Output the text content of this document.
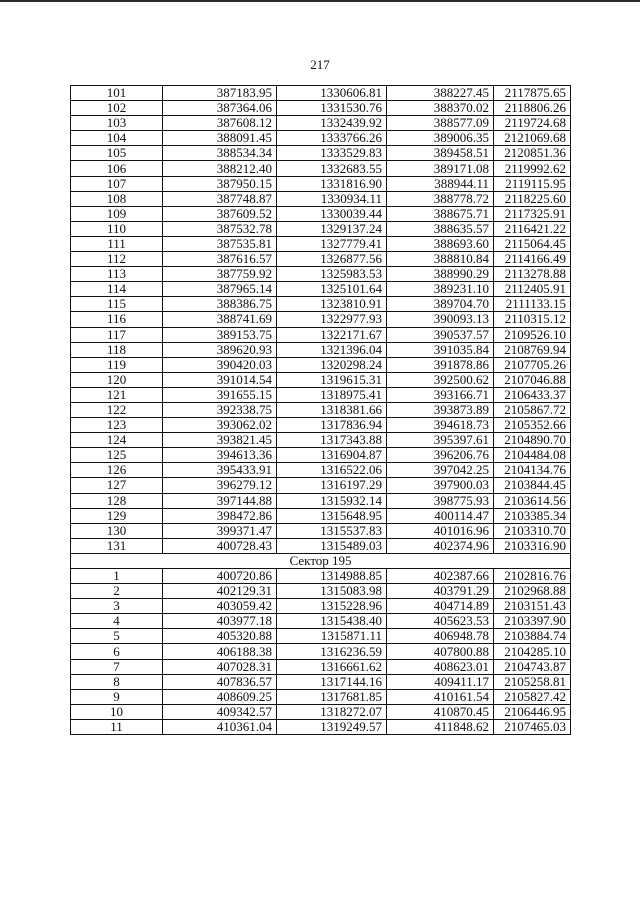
217
101	387183.95	1330606.81	388227.45	2117875.65
102	387364.06	1331530.76	388370.02	2118806.26
103	387608.12	1332439.92	388577.09	2119724.68
104	388091.45	1333766.26	389006.35	2121069.68
105	388534.34	1333529.83	389458.51	2120851.36
106	388212.40	1332683.55	389171.08	2119992.62
107	387950.15	1331816.90	388944.11	2119115.95
108	387748.87	1330934.11	388778.72	2118225.60
109	387609.52	1330039.44	388675.71	2117325.91
110	387532.78	1329137.24	388635.57	2116421.22
111	387535.81	1327779.41	388693.60	2115064.45
112	387616.57	1326877.56	388810.84	2114166.49
113	387759.92	1325983.53	388990.29	2113278.88
114	387965.14	1325101.64	389231.10	2112405.91
115	388386.75	1323810.91	389704.70	2111133.15
116	388741.69	1322977.93	390093.13	2110315.12
117	389153.75	1322171.67	390537.57	2109526.10
118	389620.93	1321396.04	391035.84	2108769.94
119	390420.03	1320298.24	391878.86	2107705.26
120	391014.54	1319615.31	392500.62	2107046.88
121	391655.15	1318975.41	393166.71	2106433.37
122	392338.75	1318381.66	393873.89	2105867.72
123	393062.02	1317836.94	394618.73	2105352.66
124	393821.45	1317343.88	395397.61	2104890.70
125	394613.36	1316904.87	396206.76	2104484.08
126	395433.91	1316522.06	397042.25	2104134.76
127	396279.12	1316197.29	397900.03	2103844.45
128	397144.88	1315932.14	398775.93	2103614.56
129	398472.86	1315648.95	400114.47	2103385.34
130	399371.47	1315537.83	401016.96	2103310.70
131	400728.43	1315489.03	402374.96	2103316.90
Сектор 195				
1	400720.86	1314988.85	402387.66	2102816.76
2	402129.31	1315083.98	403791.29	2102968.88
3	403059.42	1315228.96	404714.89	2103151.43
4	403977.18	1315438.40	405623.53	2103397.90
5	405320.88	1315871.11	406948.78	2103884.74
6	406188.38	1316236.59	407800.88	2104285.10
7	407028.31	1316661.62	408623.01	2104743.87
8	407836.57	1317144.16	409411.17	2105258.81
9	408609.25	1317681.85	410161.54	2105827.42
10	409342.57	1318272.07	410870.45	2106446.95
11	410361.04	1319249.57	411848.62	2107465.03
